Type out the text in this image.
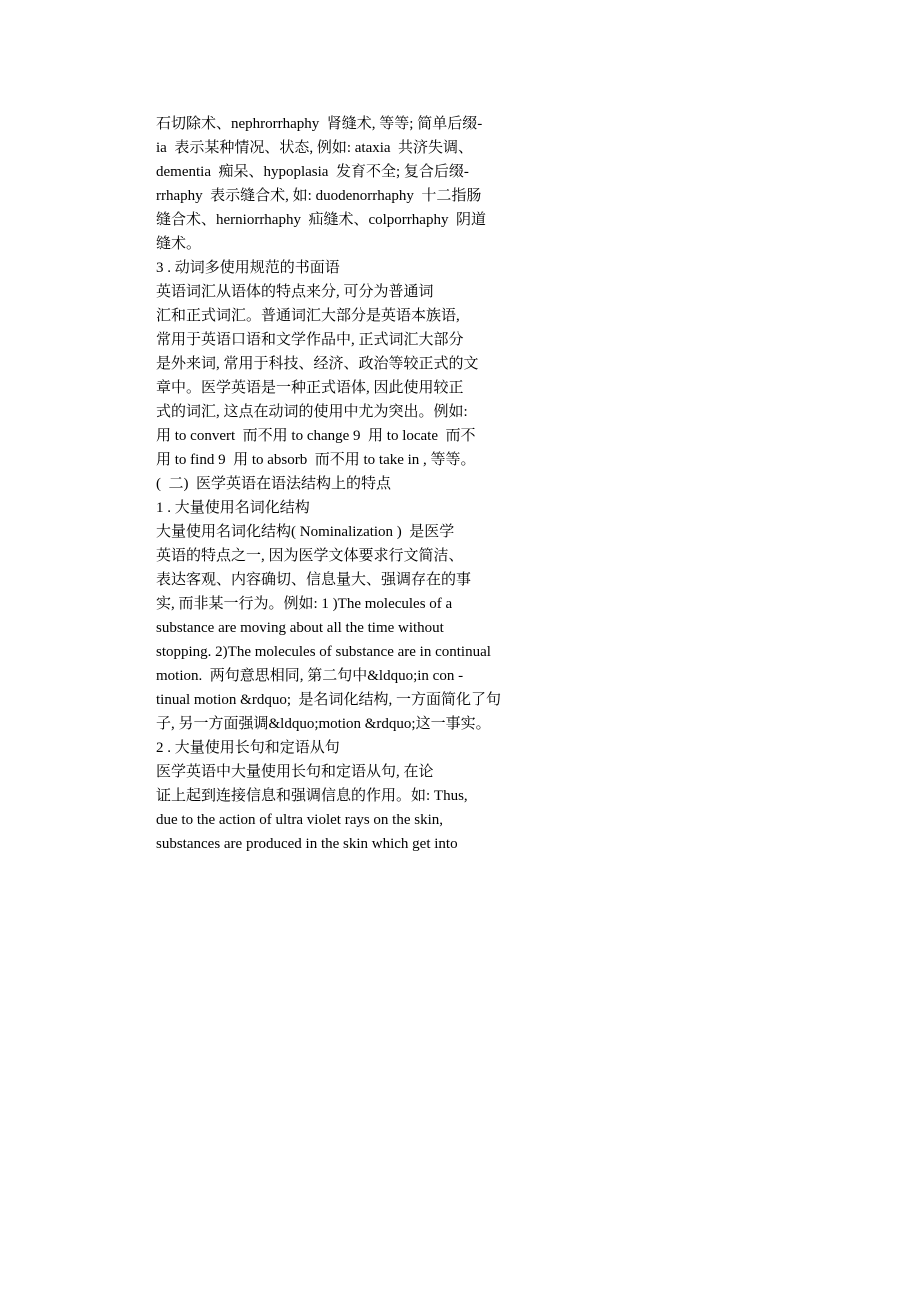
石切除术、nephrorrhaphy  肾缝术, 等等; 简单后缀-
ia  表示某种情况、状态, 例如: ataxia  共济失调、
dementia  痴呆、hypoplasia  发育不全; 复合后缀-
rrhaphy  表示缝合术, 如: duodenorrhaphy  十二指肠
缝合术、herniorrhaphy  疝缝术、colporrhaphy  阴道
缝术。
3 . 动词多使用规范的书面语
英语词汇从语体的特点来分, 可分为普通词
汇和正式词汇。普通词汇大部分是英语本族语,
常用于英语口语和文学作品中, 正式词汇大部分
是外来词, 常用于科技、经济、政治等较正式的文
章中。医学英语是一种正式语体, 因此使用较正
式的词汇, 这点在动词的使用中尤为突出。例如:
用 to convert  而不用 to change 9  用 to locate  而不
用 to find 9  用 to absorb  而不用 to take in , 等等。
(  二)  医学英语在语法结构上的特点
1 . 大量使用名词化结构
大量使用名词化结构( Nominalization )  是医学
英语的特点之一, 因为医学文体要求行文简洁、
表达客观、内容确切、信息量大、强调存在的事
实, 而非某一行为。例如: 1 )The molecules of a
substance are moving about all the time without
stopping. 2)The molecules of substance are in continual
motion.  两句意思相同, 第二句中&ldquo;in con -
tinual motion &rdquo;  是名词化结构, 一方面简化了句
子, 另一方面强调&ldquo;motion &rdquo;这一事实。
2 . 大量使用长句和定语从句
医学英语中大量使用长句和定语从句, 在论
证上起到连接信息和强调信息的作用。如: Thus,
due to the action of ultra violet rays on the skin,
substances are produced in the skin which get into
